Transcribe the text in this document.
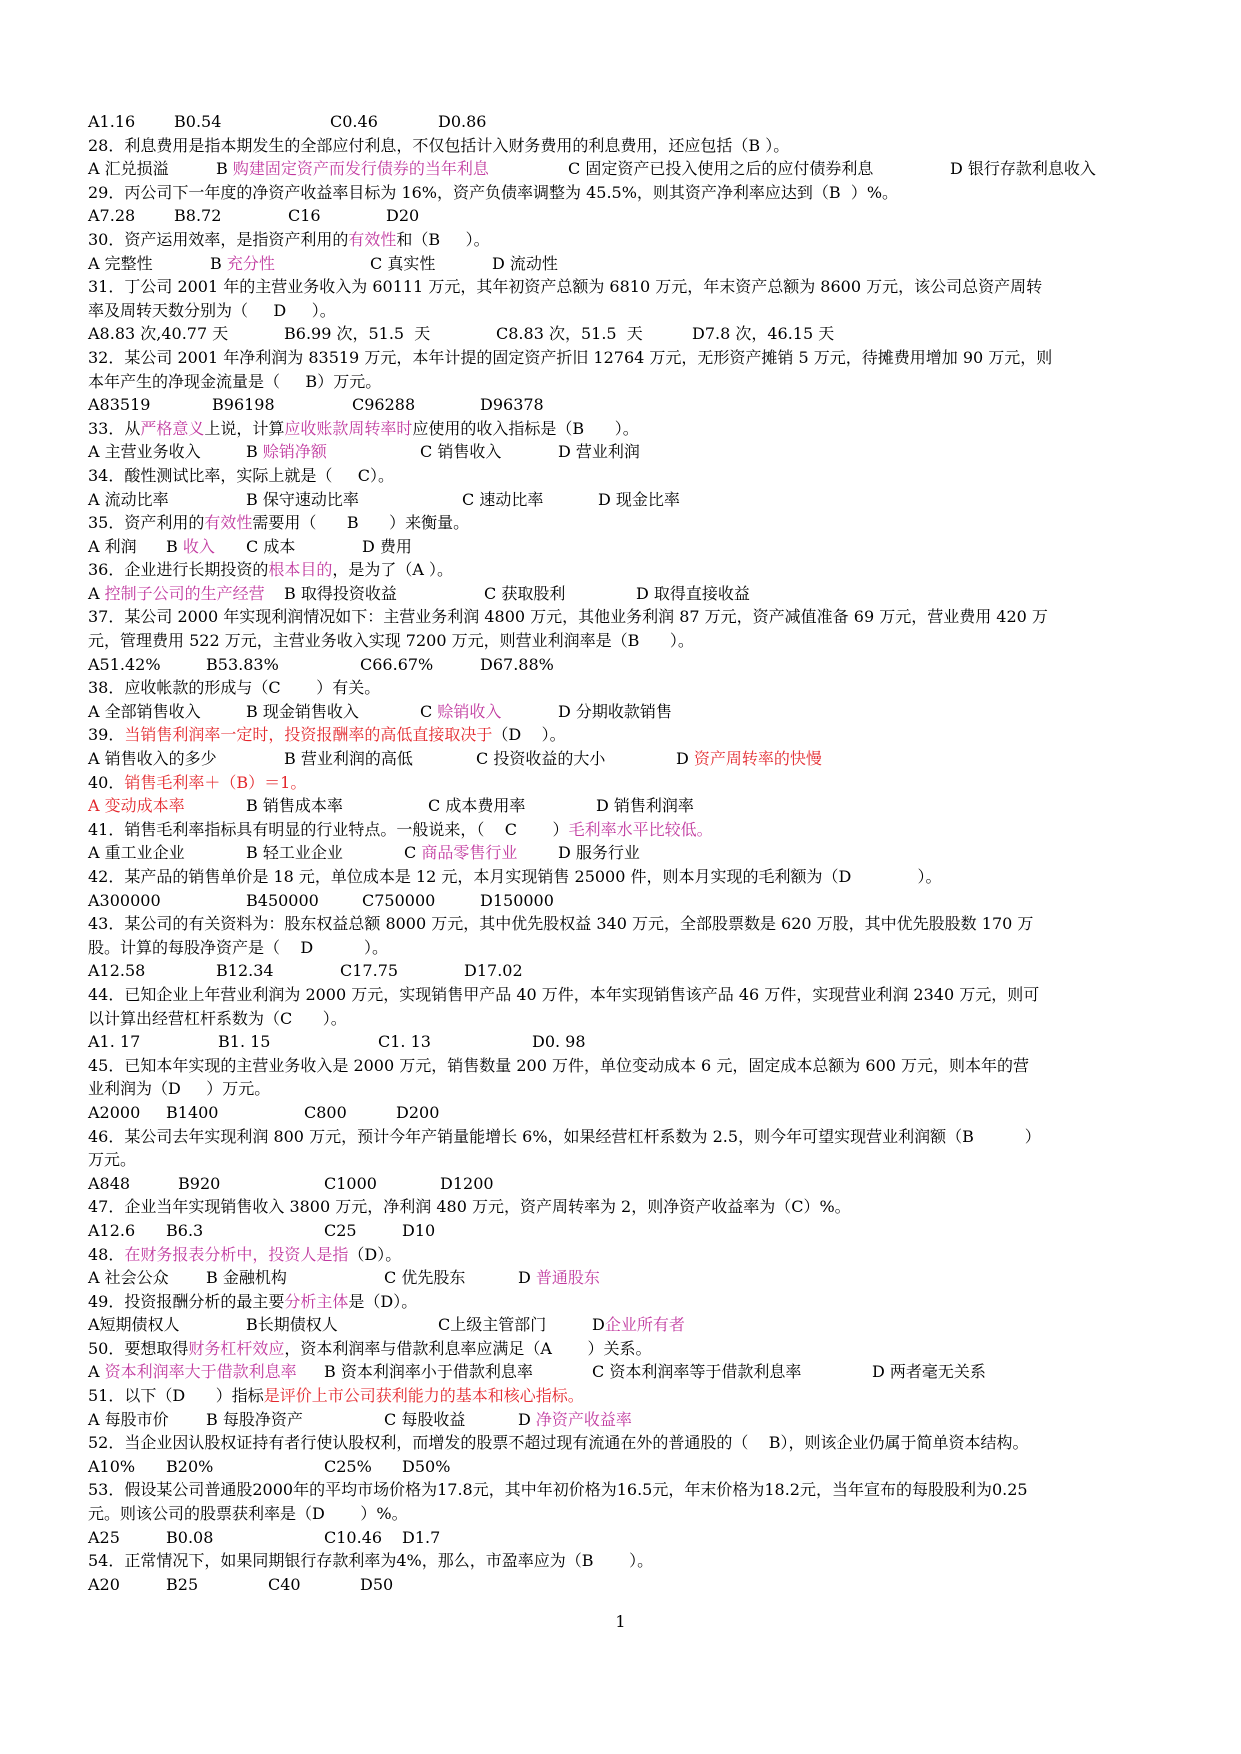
A1.16 B0.54	C0.46	D0.86
28．利息费用是指本期发生的全部应付利息，不仅包括计入财务费用的利息费用，还应包括（B ）。
A 汇兑损溢	B 购建固定资产而发行债券的当年利息	C 固定资产已投入使用之后的应付债券利息	D 银行存款利息收入
29．丙公司下一年度的净资产收益率目标为 16%，资产负债率调整为 45.5%，则其资产净利率应达到（B  ）%。
A7.28 B8.72	C16	D20
30．资产运用效率，是指资产利用的有效性和（B     ）。
A 完整性	B 充分性	C 真实性	D 流动性
31．丁公司 2001 年的主营业务收入为 60111 万元，其年初资产总额为 6810 万元，年末资产总额为 8600 万元，该公司总资产周转
率及周转天数分别为（     D     ）。
A8.83 次,40.77 天	B6.99 次，51.5  天	C8.83 次，51.5  天	D7.8 次，46.15 天
32．某公司 2001 年净利润为 83519 万元，本年计提的固定资产折旧 12764 万元，无形资产摊销 5 万元，待摊费用增加 90 万元，则
本年产生的净现金流量是（     B）万元。
A83519	B96198	C96288	D96378
33．从严格意义上说，计算应收账款周转率时应使用的收入指标是（B      ）。
A 主营业务收入	B 赊销净额	C 销售收入	D 营业利润
34．酸性测试比率，实际上就是（     C）。
A 流动比率	B 保守速动比率	C 速动比率	D 现金比率
35．资产利用的有效性需要用（      B      ）来衡量。
A 利润 B 收入 C 成本	D 费用
36．企业进行长期投资的根本目的，是为了（A ）。
A 控制子公司的生产经营 B 取得投资收益	C 获取股利	D 取得直接收益
37．某公司 2000 年实现利润情况如下：主营业务利润 4800 万元，其他业务利润 87 万元，资产减值准备 69 万元，营业费用 420 万
元，管理费用 522 万元，主营业务收入实现 7200 万元，则营业利润率是（B      ）。
A51.42%	B53.83%	C66.67%	D67.88%
38．应收帐款的形成与（C       ）有关。
A 全部销售收入	B 现金销售收入	C 赊销收入	D 分期收款销售
39．当销售利润率一定时，投资报酬率的高低直接取决于（D    ）。
A 销售收入的多少	B 营业利润的高低	C 投资收益的大小	D 资产周转率的快慢
40．销售毛利率＋（B）＝1。
A 变动成本率	B 销售成本率	C 成本费用率	D 销售利润率
41．销售毛利率指标具有明显的行业特点。一般说来，（    C       ）毛利率水平比较低。
A 重工业企业	B 轻工业企业	C 商品零售行业	D 服务行业
42．某产品的销售单价是 18 元，单位成本是 12 元，本月实现销售 25000 件，则本月实现的毛利额为（D             ）。
A300000	B450000	C750000	D150000
43．某公司的有关资料为：股东权益总额 8000 万元，其中优先股权益 340 万元，全部股票数是 620 万股，其中优先股股数 170 万
股。计算的每股净资产是（    D          ）。
A12.58	B12.34	C17.75	D17.02
44．已知企业上年营业利润为 2000 万元，实现销售甲产品 40 万件，本年实现销售该产品 46 万件，实现营业利润 2340 万元，则可
以计算出经营杠杆系数为（C      ）。
A1. 17	B1. 15	C1. 13	D0. 98
45．已知本年实现的主营业务收入是 2000 万元，销售数量 200 万件，单位变动成本 6 元，固定成本总额为 600 万元，则本年的营
业利润为（D     ）万元。
A2000 B1400	C800	D200
46．某公司去年实现利润 800 万元，预计今年产销量能增长 6%，如果经营杠杆系数为 2.5，则今年可望实现营业利润额（B          ）
万元。
A848	B920	C1000	D1200
47．企业当年实现销售收入 3800 万元，净利润 480 万元，资产周转率为 2，则净资产收益率为（C）%。
A12.6 B6.3	C25	D10
48．在财务报表分析中，投资人是指（D）。
A 社会公众 B 金融机构	C 优先股东	D 普通股东
49．投资报酬分析的最主要分析主体是（D）。
A短期债权人	B长期债权人	C上级主管部门	D企业所有者
50．要想取得财务杠杆效应，资本利润率与借款利息率应满足（A       ）关系。
A 资本利润率大于借款利息率 B 资本利润率小于借款利息率	C 资本利润率等于借款利息率	D 两者毫无关系
51．以下（D      ）指标是评价上市公司获利能力的基本和核心指标。
A 每股市价 B 每股净资产	C 每股收益	D 净资产收益率
52．当企业因认股权证持有者行使认股权利，而增发的股票不超过现有流通在外的普通股的（    B），则该企业仍属于简单资本结构。
A10% B20%	C25% D50%
53．假设某公司普通股2000年的平均市场价格为17.8元，其中年初价格为16.5元，年末价格为18.2元，当年宣布的每股股利为0.25
元。则该公司的股票获利率是（D       ）%。
A25	B0.08	C10.46 D1.7
54．正常情况下，如果同期银行存款利率为4%，那么，市盈率应为（B       ）。
A20	B25	C40	D50
1
